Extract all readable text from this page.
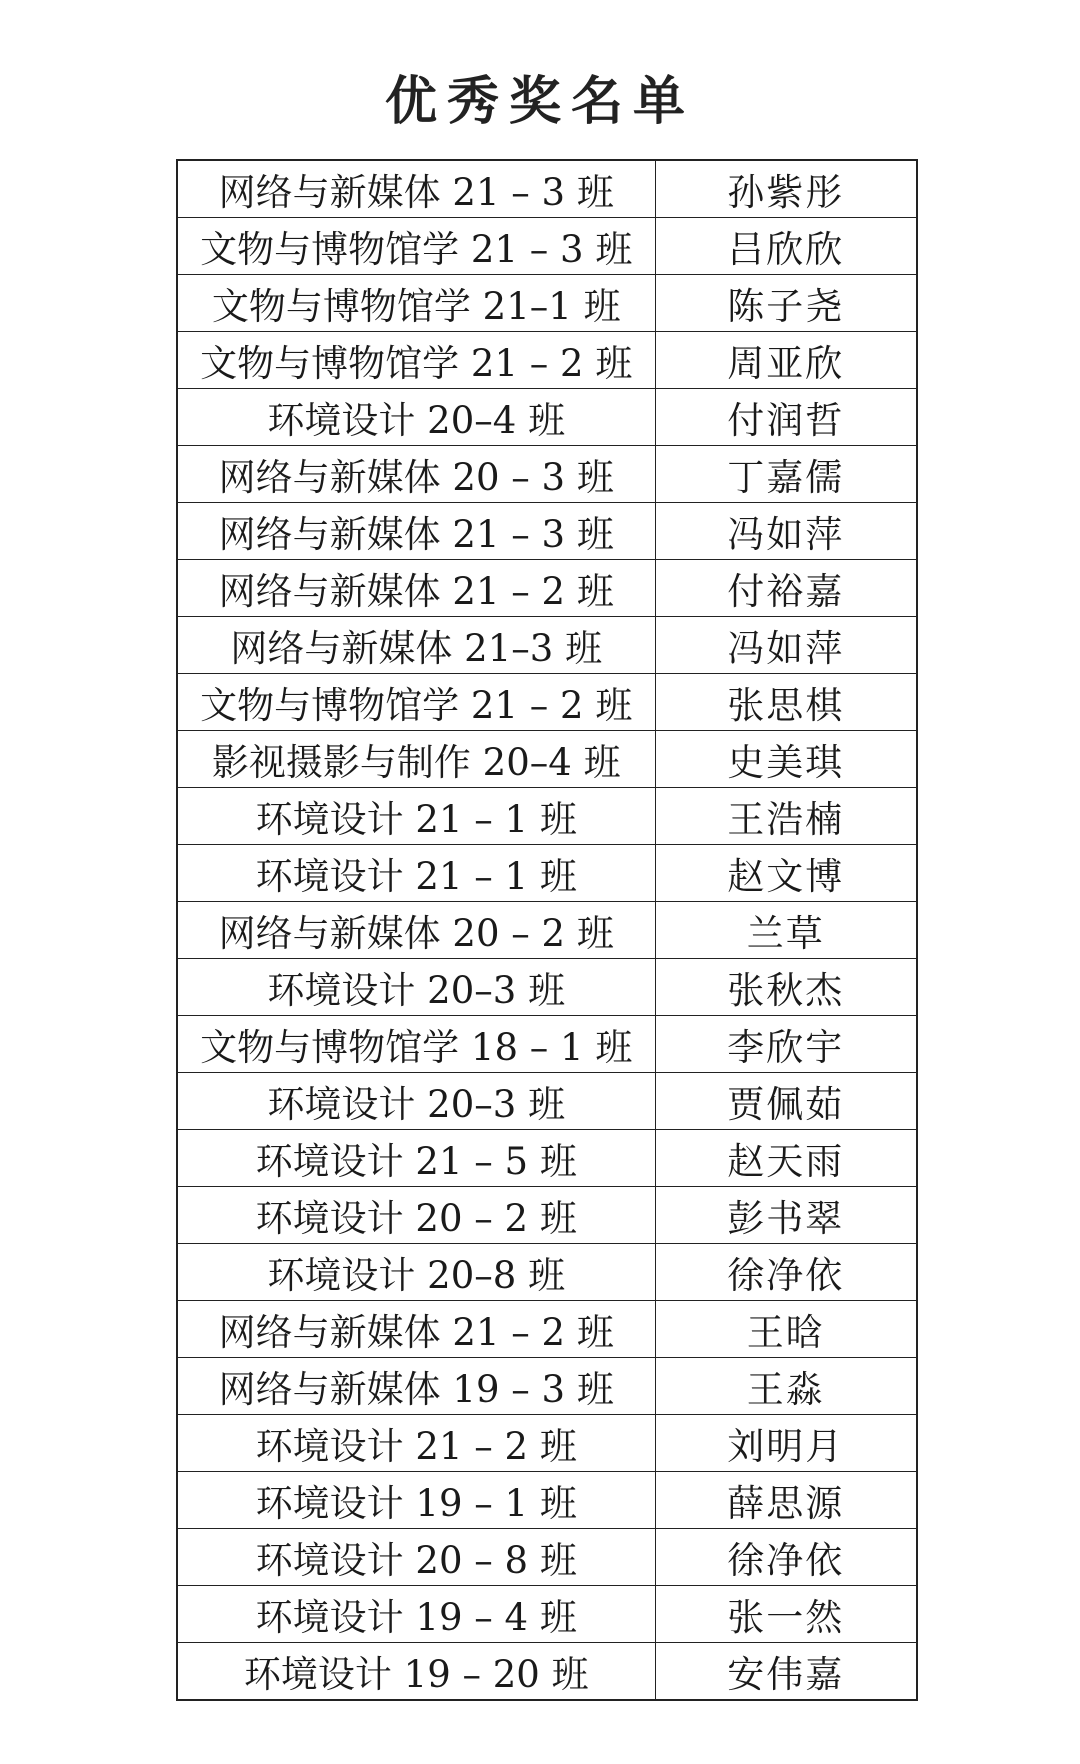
优秀奖名单
网络与新媒体 21 – 3 班	孙紫彤
文物与博物馆学 21 – 3 班	吕欣欣
文物与博物馆学 21–1 班	陈子尧
文物与博物馆学 21 – 2 班	周亚欣
环境设计 20–4 班	付润哲
网络与新媒体 20 – 3 班	丁嘉儒
网络与新媒体 21 – 3 班	冯如萍
网络与新媒体 21 – 2 班	付裕嘉
网络与新媒体 21–3 班	冯如萍
文物与博物馆学 21 – 2 班	张思棋
影视摄影与制作 20–4 班	史美琪
环境设计 21 – 1 班	王浩楠
环境设计 21 – 1 班	赵文博
网络与新媒体 20 – 2 班	兰草
环境设计 20–3 班	张秋杰
文物与博物馆学 18 – 1 班	李欣宇
环境设计 20–3 班	贾佩茹
环境设计 21 – 5 班	赵天雨
环境设计 20 – 2 班	彭书翠
环境设计 20–8 班	徐净依
网络与新媒体 21 – 2 班	王晗
网络与新媒体 19 – 3 班	王淼
环境设计 21 – 2 班	刘明月
环境设计 19 – 1 班	薛思源
环境设计 20 – 8 班	徐净依
环境设计 19 – 4 班	张一然
环境设计 19 – 20 班	安伟嘉
